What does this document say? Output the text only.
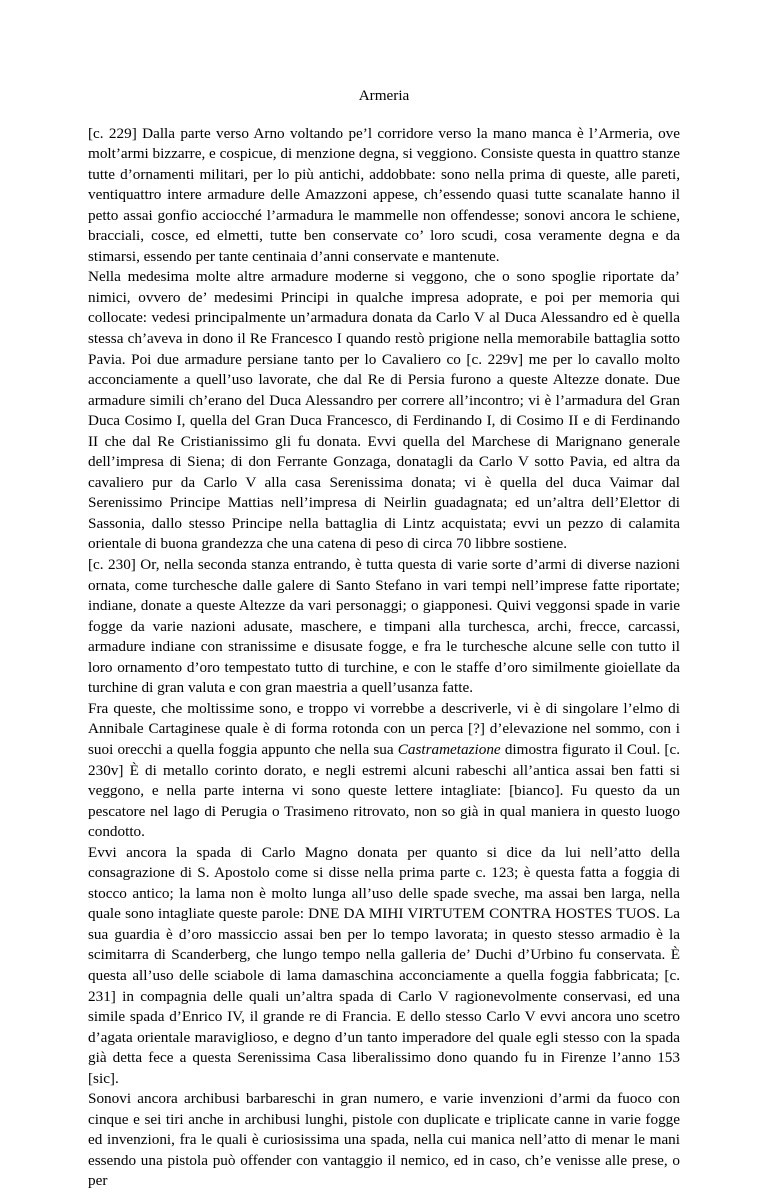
Armeria

[c. 229] Dalla parte verso Arno voltando pe’l corridore verso la mano manca è l’Armeria, ove molt’armi bizzarre, e cospicue, di menzione degna, si veggiono. Consiste questa in quattro stanze tutte d’ornamenti militari, per lo più antichi, addobbate: sono nella prima di queste, alle pareti, ventiquattro intere armadure delle Amazzoni appese, ch’essendo quasi tutte scanalate hanno il petto assai gonfio acciocché l’armadura le mammelle non offendesse; sonovi ancora le schiene, bracciali, cosce, ed elmetti, tutte ben conservate co’ loro scudi, cosa veramente degna e da stimarsi, essendo per tante centinaia d’anni conservate e mantenute.

Nella medesima molte altre armadure moderne si veggono, che o sono spoglie riportate da’ nimici, ovvero de’ medesimi Principi in qualche impresa adoprate, e poi per memoria qui collocate: vedesi principalmente un’armadura donata da Carlo V al Duca Alessandro ed è quella stessa ch’aveva in dono il Re Francesco I quando restò prigione nella memorabile battaglia sotto Pavia. Poi due armadure persiane tanto per lo Cavaliero co [c. 229v] me per lo cavallo molto acconciamente a quell’uso lavorate, che dal Re di Persia furono a queste Altezze donate. Due armadure simili ch’erano del Duca Alessandro per correre all’incontro; vi è l’armadura del Gran Duca Cosimo I, quella del Gran Duca Francesco, di Ferdinando I, di Cosimo II e di Ferdinando II che dal Re Cristianissimo gli fu donata. Evvi quella del Marchese di Marignano generale dell’impresa di Siena; di don Ferrante Gonzaga, donatagli da Carlo V sotto Pavia, ed altra da cavaliero pur da Carlo V alla casa Serenissima donata; vi è quella del duca Vaimar dal Serenissimo Principe Mattias nell’impresa di Neirlin guadagnata; ed un’altra dell’Elettor di Sassonia, dallo stesso Principe nella battaglia di Lintz acquistata; evvi un pezzo di calamita orientale di buona grandezza che una catena di peso di circa 70 libbre sostiene.

[c. 230] Or, nella seconda stanza entrando, è tutta questa di varie sorte d’armi di diverse nazioni ornata, come turchesche dalle galere di Santo Stefano in vari tempi nell’imprese fatte riportate; indiane, donate a queste Altezze da vari personaggi; o giapponesi. Quivi veggonsi spade in varie fogge da varie nazioni adusate, maschere, e timpani alla turchesca, archi, frecce, carcassi, armadure indiane con stranissime e disusate fogge, e fra le turchesche alcune selle con tutto il loro ornamento d’oro tempestato tutto di turchine, e con le staffe d’oro similmente gioiellate da turchine di gran valuta e con gran maestria a quell’usanza fatte.

Fra queste, che moltissime sono, e troppo vi vorrebbe a descriverle, vi è di singolare l’elmo di Annibale Cartaginese quale è di forma rotonda con un perca [?] d’elevazione nel sommo, con i suoi orecchi a quella foggia appunto che nella sua Castrametazione dimostra figurato il Coul. [c. 230v] È di metallo corinto dorato, e negli estremi alcuni rabeschi all’antica assai ben fatti si veggono, e nella parte interna vi sono queste lettere intagliate: [bianco]. Fu questo da un pescatore nel lago di Perugia o Trasimeno ritrovato, non so già in qual maniera in questo luogo condotto.

Evvi ancora la spada di Carlo Magno donata per quanto si dice da lui nell’atto della consagrazione di S. Apostolo come si disse nella prima parte c. 123; è questa fatta a foggia di stocco antico; la lama non è molto lunga all’uso delle spade sveche, ma assai ben larga, nella quale sono intagliate queste parole: DNE DA MIHI VIRTUTEM CONTRA HOSTES TUOS. La sua guardia è d’oro massiccio assai ben per lo tempo lavorata; in questo stesso armadio è la scimitarra di Scanderberg, che lungo tempo nella galleria de’ Duchi d’Urbino fu conservata. È questa all’uso delle sciabole di lama damaschina acconciamente a quella foggia fabbricata; [c. 231] in compagnia delle quali un’altra spada di Carlo V ragionevolmente conservasi, ed una simile spada d’Enrico IV, il grande re di Francia. E dello stesso Carlo V evvi ancora uno scetro d’agata orientale maraviglioso, e degno d’un tanto imperadore del quale egli stesso con la spada già detta fece a questa Serenissima Casa liberalissimo dono quando fu in Firenze l’anno 153 [sic].

Sonovi ancora archibusi barbareschi in gran numero, e varie invenzioni d’armi da fuoco con cinque e sei tiri anche in archibusi lunghi, pistole con duplicate e triplicate canne in varie fogge ed invenzioni, fra le quali è curiosissima una spada, nella cui manica nell’atto di menar le mani essendo una pistola può offender con vantaggio il nemico, ed in caso, ch’e venisse alle prese, o per
